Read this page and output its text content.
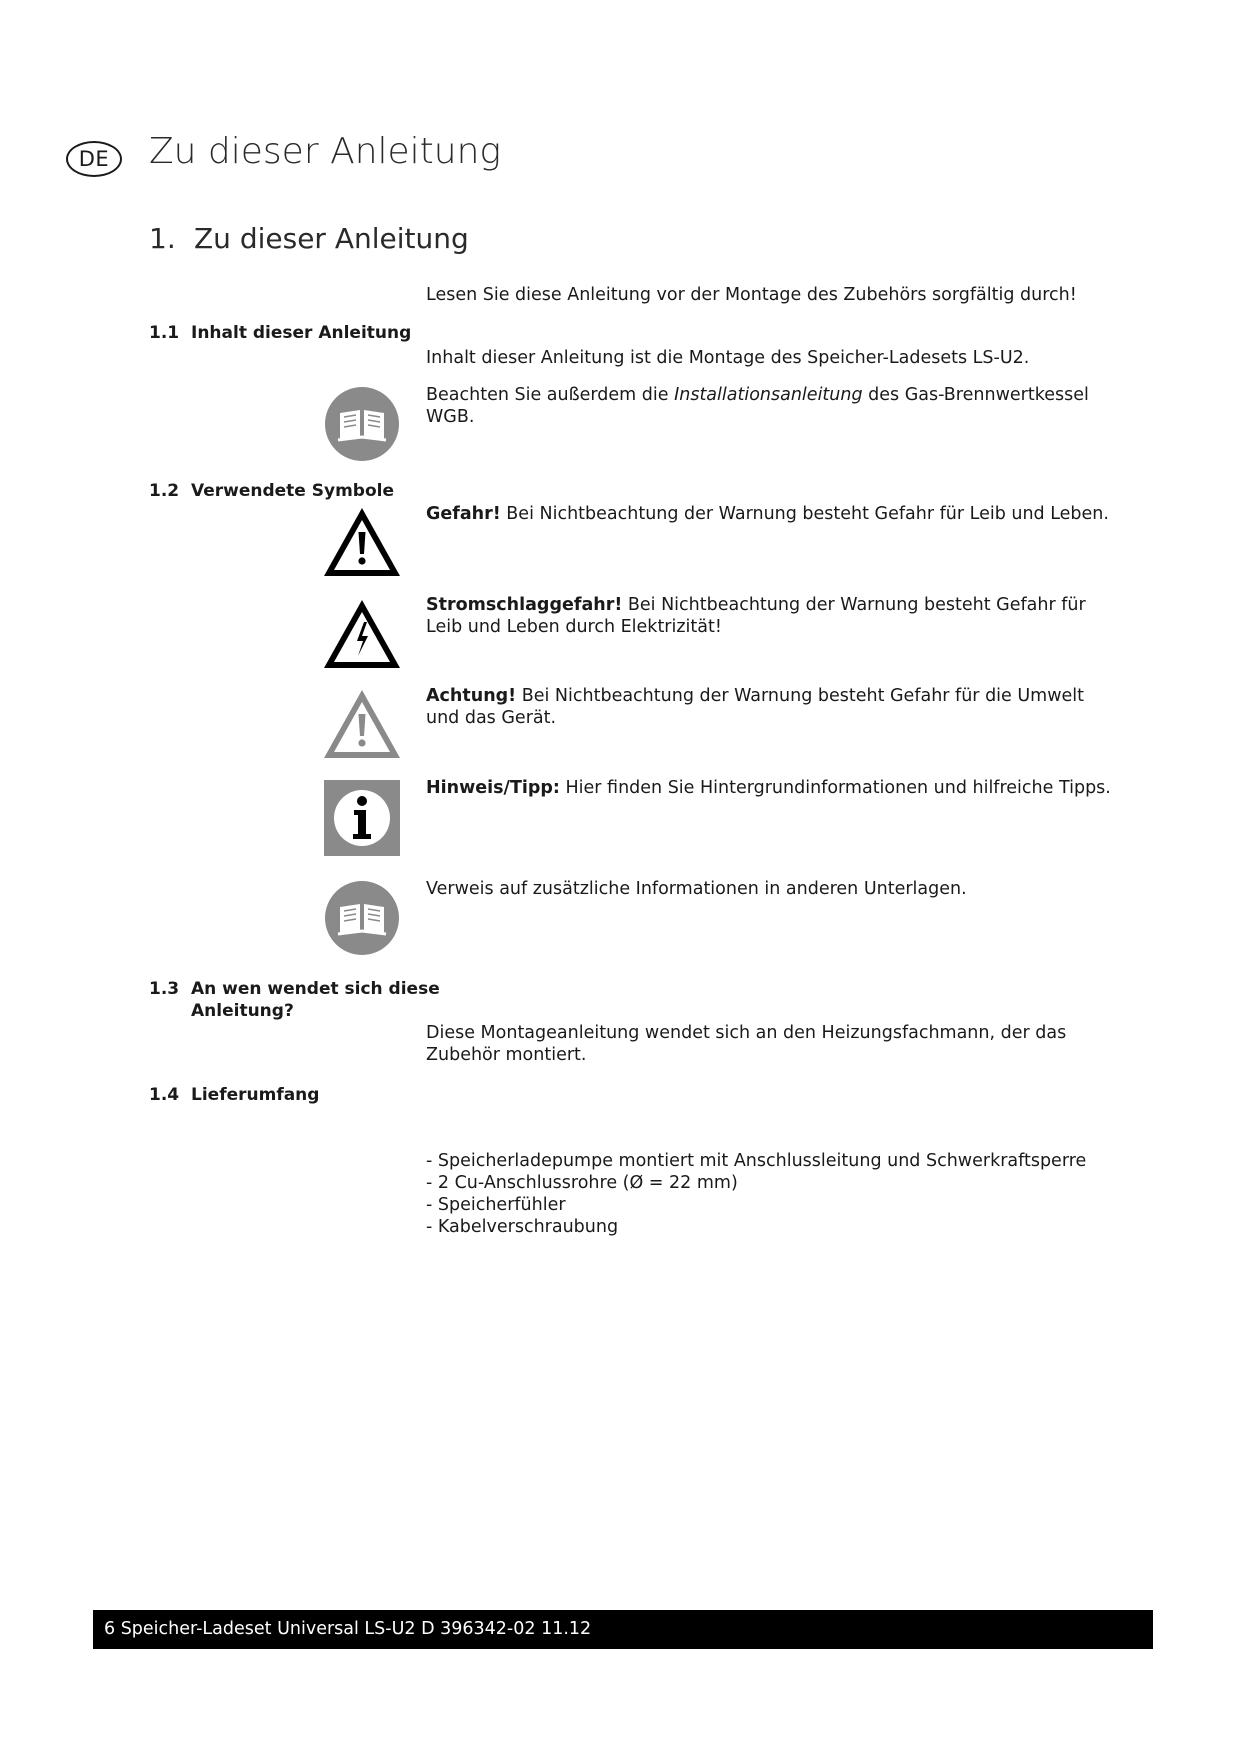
DE Zu dieser Anleitung
1. Zu dieser Anleitung
Lesen Sie diese Anleitung vor der Montage des Zubehörs sorgfältig durch!
1.1 Inhalt dieser Anleitung
Inhalt dieser Anleitung ist die Montage des Speicher-Ladesets LS-U2.
Beachten Sie außerdem die Installationsanleitung des Gas-Brennwertkessel WGB.
1.2 Verwendete Symbole
Gefahr! Bei Nichtbeachtung der Warnung besteht Gefahr für Leib und Leben.
Stromschlaggefahr! Bei Nichtbeachtung der Warnung besteht Gefahr für Leib und Leben durch Elektrizität!
Achtung! Bei Nichtbeachtung der Warnung besteht Gefahr für die Umwelt und das Gerät.
Hinweis/Tipp: Hier finden Sie Hintergrundinformationen und hilfreiche Tipps.
Verweis auf zusätzliche Informationen in anderen Unterlagen.
1.3 An wen wendet sich diese
Anleitung?
Diese Montageanleitung wendet sich an den Heizungsfachmann, der das Zubehör montiert.
1.4 Lieferumfang
- Speicherladepumpe montiert mit Anschlussleitung und Schwerkraftsperre
- 2 Cu-Anschlussrohre (Ø = 22 mm)
- Speicherfühler
- Kabelverschraubung
6 Speicher-Ladeset Universal LS-U2 D 396342-02 11.12
